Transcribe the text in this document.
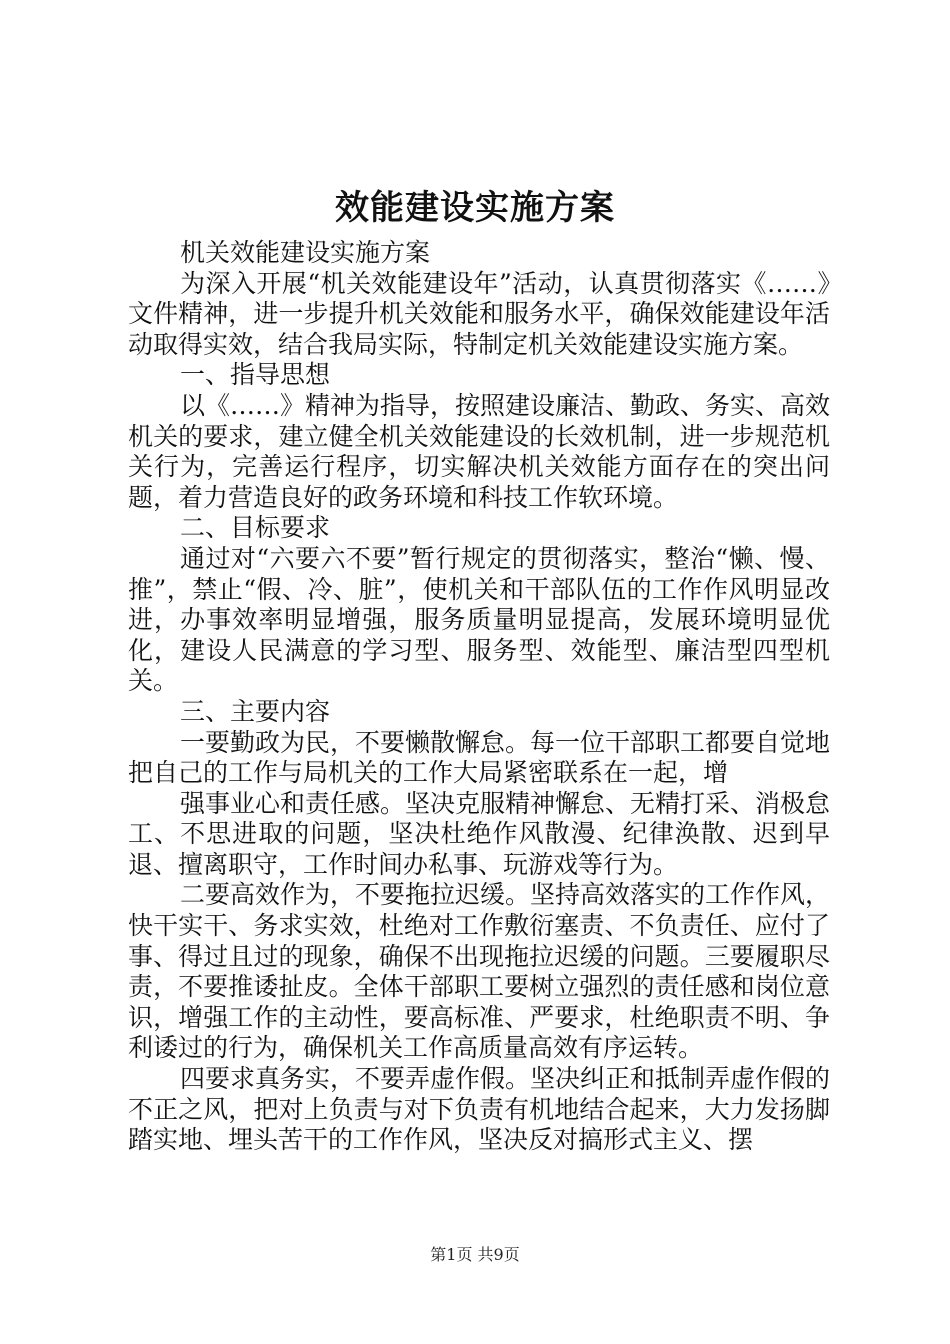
效能建设实施方案

机关效能建设实施方案

为深入开展“机关效能建设年”活动，认真贯彻落实《……》文件精神，进一步提升机关效能和服务水平，确保效能建设年活动取得实效，结合我局实际，特制定机关效能建设实施方案。

一、指导思想

以《……》精神为指导，按照建设廉洁、勤政、务实、高效机关的要求，建立健全机关效能建设的长效机制，进一步规范机关行为，完善运行程序，切实解决机关效能方面存在的突出问题，着力营造良好的政务环境和科技工作软环境。

二、目标要求

通过对“六要六不要”暂行规定的贯彻落实，整治“懒、慢、推”，禁止“假、冷、脏”，使机关和干部队伍的工作作风明显改进，办事效率明显增强，服务质量明显提高，发展环境明显优化，建设人民满意的学习型、服务型、效能型、廉洁型四型机关。

三、主要内容

一要勤政为民，不要懒散懈怠。每一位干部职工都要自觉地把自己的工作与局机关的工作大局紧密联系在一起，增

强事业心和责任感。坚决克服精神懈怠、无精打采、消极怠工、不思进取的问题，坚决杜绝作风散漫、纪律涣散、迟到早退、擅离职守，工作时间办私事、玩游戏等行为。

二要高效作为，不要拖拉迟缓。坚持高效落实的工作作风，快干实干、务求实效，杜绝对工作敷衍塞责、不负责任、应付了事、得过且过的现象，确保不出现拖拉迟缓的问题。三要履职尽责，不要推诿扯皮。全体干部职工要树立强烈的责任感和岗位意识，增强工作的主动性，要高标准、严要求，杜绝职责不明、争利诿过的行为，确保机关工作高质量高效有序运转。

四要求真务实，不要弄虚作假。坚决纠正和抵制弄虚作假的不正之风，把对上负责与对下负责有机地结合起来，大力发扬脚踏实地、埋头苦干的工作作风，坚决反对搞形式主义、摆

第1页 共9页
